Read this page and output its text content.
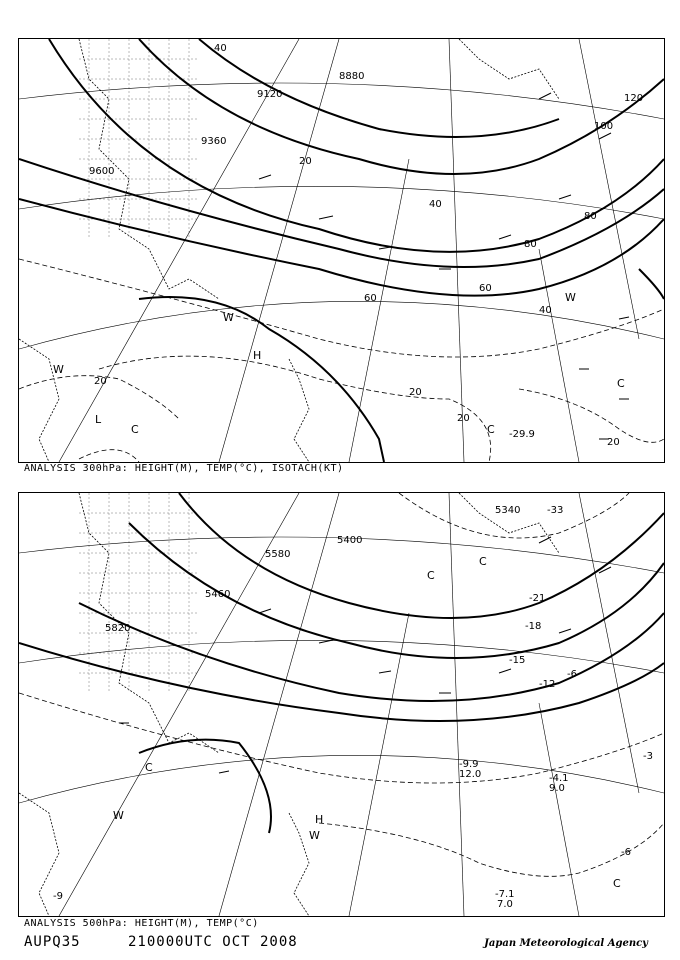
9600
9120
8880
9360
40
60
80
100
120
20
40
60
80
40
20
20
20
20
L
C
W
H
W
C
C
W
-29.9
ANALYSIS 300hPa: HEIGHT(M), TEMP(°C), ISOTACH(KT)
5340
5580
5400
5820
5460
-33
-21
-18
-12
-15
-6
-3
-6
-9
C
W
C
H
W
C
C
-7.1
7.0
-4.1
9.0
-9.9
12.0
ANALYSIS 500hPa: HEIGHT(M), TEMP(°C)
AUPQ35	210000UTC OCT 2008	Japan Meteorological Agency
